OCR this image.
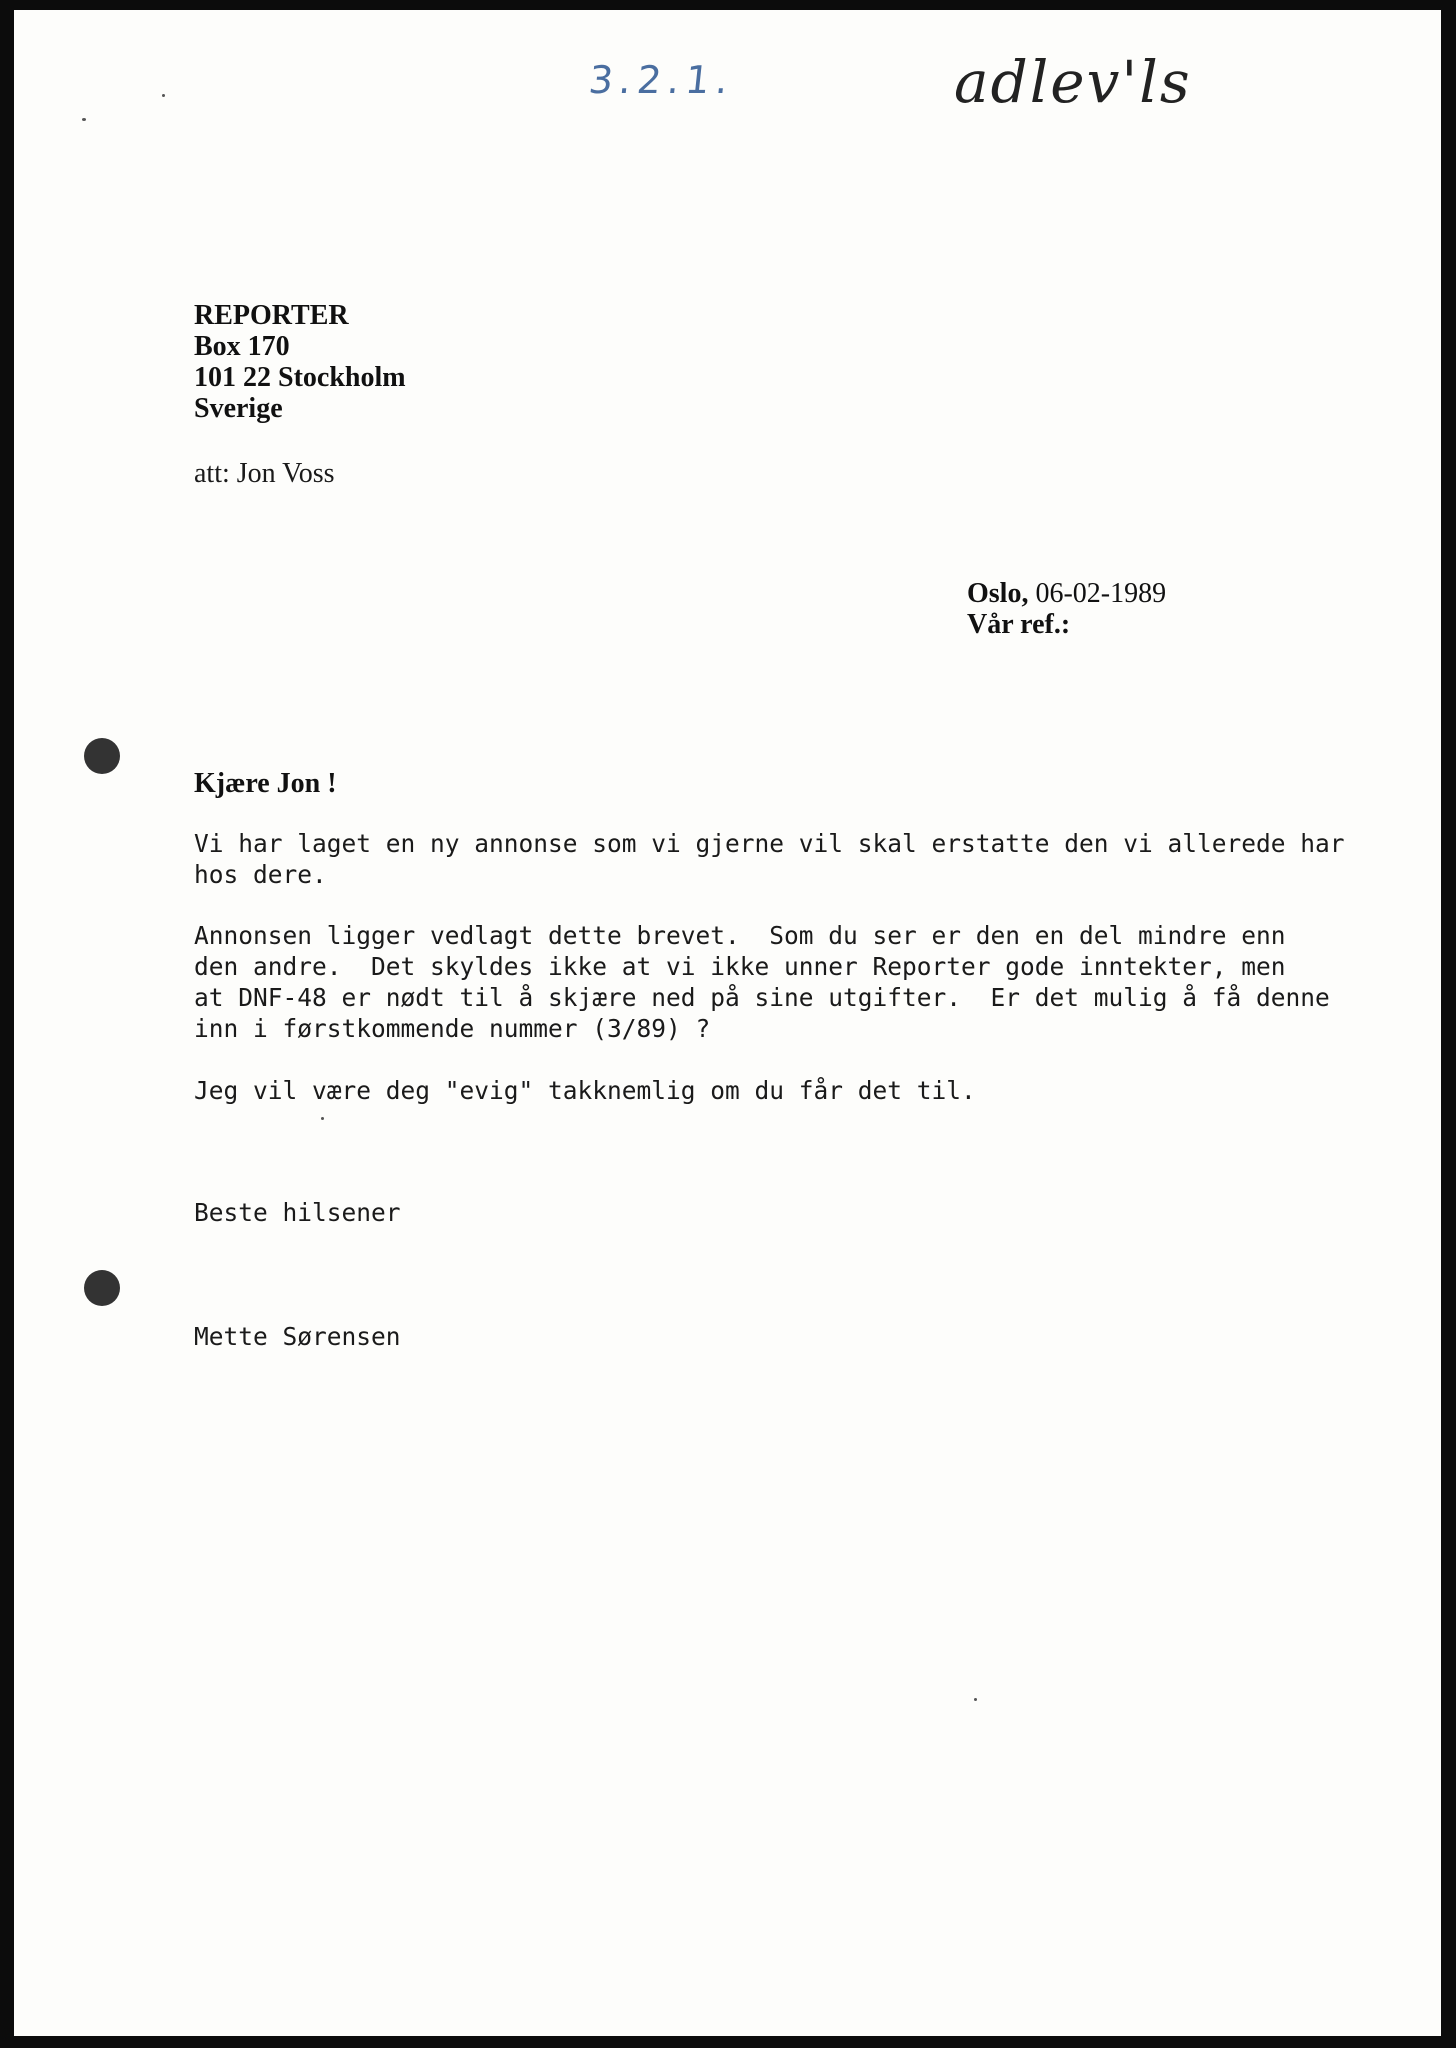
3.2.1.	adlev'ls
REPORTER
Box 170
101 22 Stockholm
Sverige
att: Jon Voss
Oslo, 06-02-1989
Vår ref.:
Kjære Jon !

Vi har laget en ny annonse som vi gjerne vil skal erstatte den vi allerede har
hos dere.

Annonsen ligger vedlagt dette brevet.  Som du ser er den en del mindre enn
den andre.  Det skyldes ikke at vi ikke unner Reporter gode inntekter, men
at DNF-48 er nødt til å skjære ned på sine utgifter.  Er det mulig å få denne
inn i førstkommende nummer (3/89) ?

Jeg vil være deg "evig" takknemlig om du får det til.

Beste hilsener

Mette Sørensen
